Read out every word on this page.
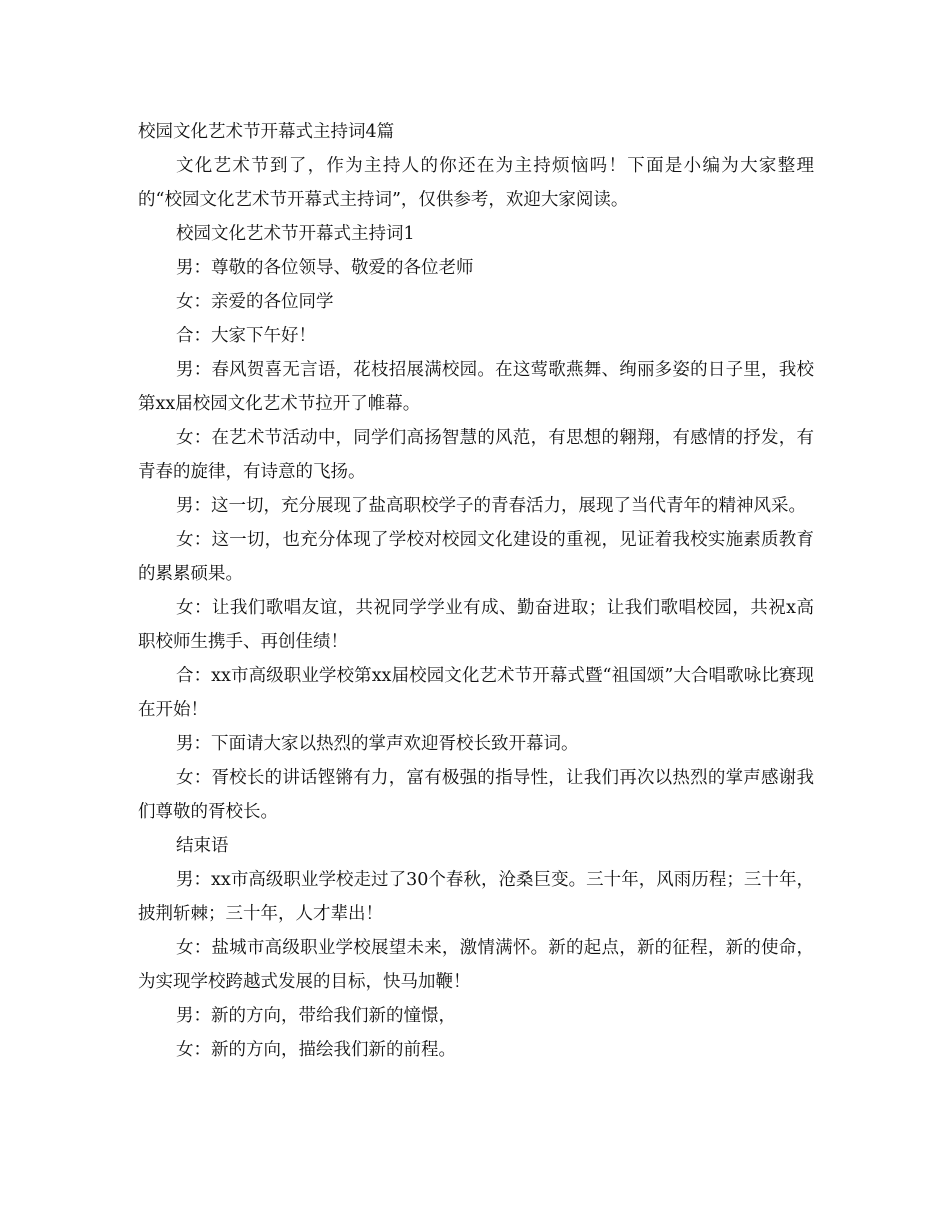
校园文化艺术节开幕式主持词4篇

文化艺术节到了，作为主持人的你还在为主持烦恼吗！下面是小编为大家整理的“校园文化艺术节开幕式主持词”，仅供参考，欢迎大家阅读。

校园文化艺术节开幕式主持词1

男：尊敬的各位领导、敬爱的各位老师

女：亲爱的各位同学

合：大家下午好！

男：春风贺喜无言语，花枝招展满校园。在这莺歌燕舞、绚丽多姿的日子里，我校第xx届校园文化艺术节拉开了帷幕。

女：在艺术节活动中，同学们高扬智慧的风范，有思想的翱翔，有感情的抒发，有青春的旋律，有诗意的飞扬。

男：这一切，充分展现了盐高职校学子的青春活力，展现了当代青年的精神风采。

女：这一切，也充分体现了学校对校园文化建设的重视，见证着我校实施素质教育的累累硕果。

女：让我们歌唱友谊，共祝同学学业有成、勤奋进取；让我们歌唱校园，共祝x高职校师生携手、再创佳绩！

合：xx市高级职业学校第xx届校园文化艺术节开幕式暨“祖国颂”大合唱歌咏比赛现在开始！

男：下面请大家以热烈的掌声欢迎胥校长致开幕词。

女：胥校长的讲话铿锵有力，富有极强的指导性，让我们再次以热烈的掌声感谢我们尊敬的胥校长。

结束语

男：xx市高级职业学校走过了30个春秋，沧桑巨变。三十年，风雨历程；三十年，披荆斩棘；三十年，人才辈出！

女：盐城市高级职业学校展望未来，激情满怀。新的起点，新的征程，新的使命，为实现学校跨越式发展的目标，快马加鞭！

男：新的方向，带给我们新的憧憬，

女：新的方向，描绘我们新的前程。
